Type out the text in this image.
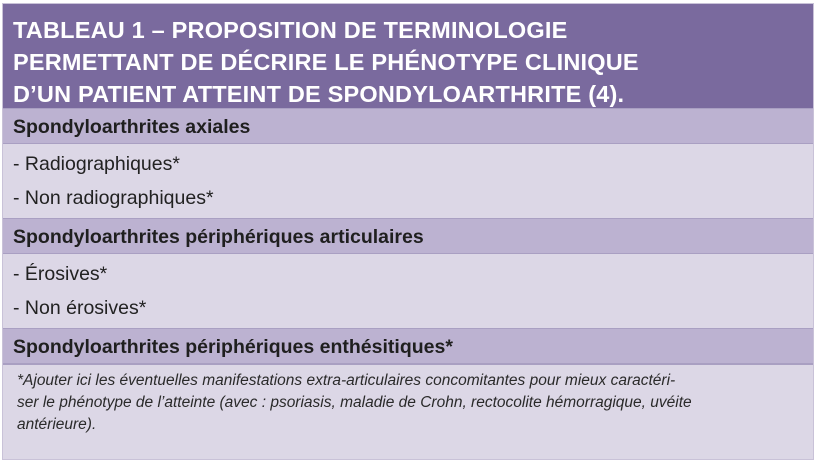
TABLEAU 1 – PROPOSITION DE TERMINOLOGIE
PERMETTANT DE DÉCRIRE LE PHÉNOTYPE CLINIQUE
D’UN PATIENT ATTEINT DE SPONDYLOARTHRITE (4).
Spondyloarthrites axiales
- Radiographiques*
- Non radiographiques*
Spondyloarthrites périphériques articulaires
- Érosives*
- Non érosives*
Spondyloarthrites périphériques enthésitiques*
*Ajouter ici les éventuelles manifestations extra-articulaires concomitantes pour mieux caractéri-
ser le phénotype de l’atteinte (avec : psoriasis, maladie de Crohn, rectocolite hémorragique, uvéite
antérieure).
